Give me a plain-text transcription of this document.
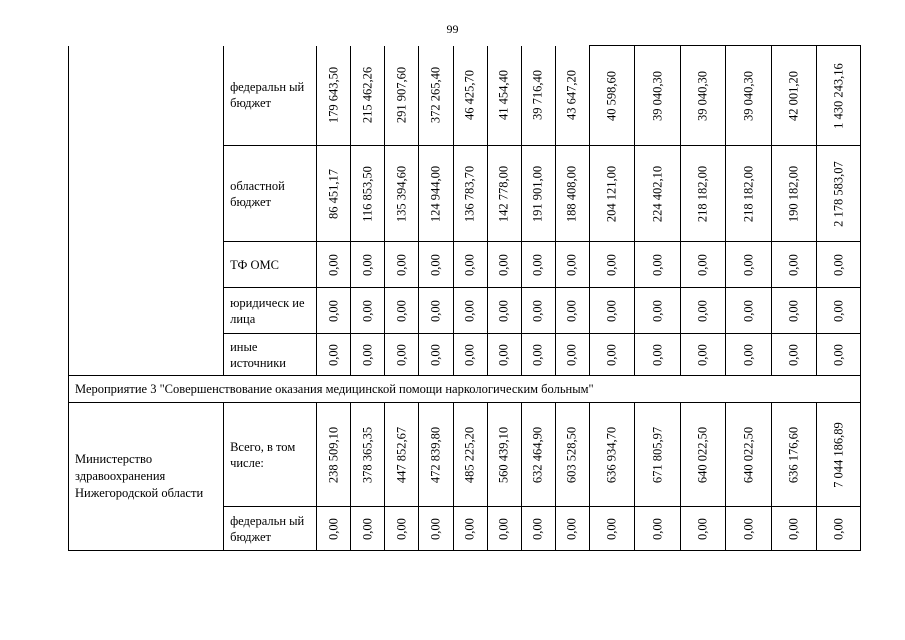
99
	федеральн ый бюджет	179 643,50	215 462,26	291 907,60	372 265,40	46 425,70	41 454,40	39 716,40	43 647,20	40 598,60	39 040,30	39 040,30	39 040,30	42 001,20	1 430 243,16

	областной бюджет	86 451,17	116 853,50	135 394,60	124 944,00	136 783,70	142 778,00	191 901,00	188 408,00	204 121,00	224 402,10	218 182,00	218 182,00	190 182,00	2 178 583,07

	ТФ ОМС	0,00	0,00	0,00	0,00	0,00	0,00	0,00	0,00	0,00	0,00	0,00	0,00	0,00	0,00

	юридическ ие лица	0,00	0,00	0,00	0,00	0,00	0,00	0,00	0,00	0,00	0,00	0,00	0,00	0,00	0,00

	иные источники	0,00	0,00	0,00	0,00	0,00	0,00	0,00	0,00	0,00	0,00	0,00	0,00	0,00	0,00

Мероприятие 3 "Совершенствование оказания медицинской помощи наркологическим больным"															
Министерство здравоохранения Нижегородской области	Всего, в том числе:	238 509,10	378 365,35	447 852,67	472 839,80	485 225,20	560 439,10	632 464,90	603 528,50	636 934,70	671 805,97	640 022,50	640 022,50	636 176,60	7 044 186,89

	федеральн ый бюджет	0,00	0,00	0,00	0,00	0,00	0,00	0,00	0,00	0,00	0,00	0,00	0,00	0,00	0,00
